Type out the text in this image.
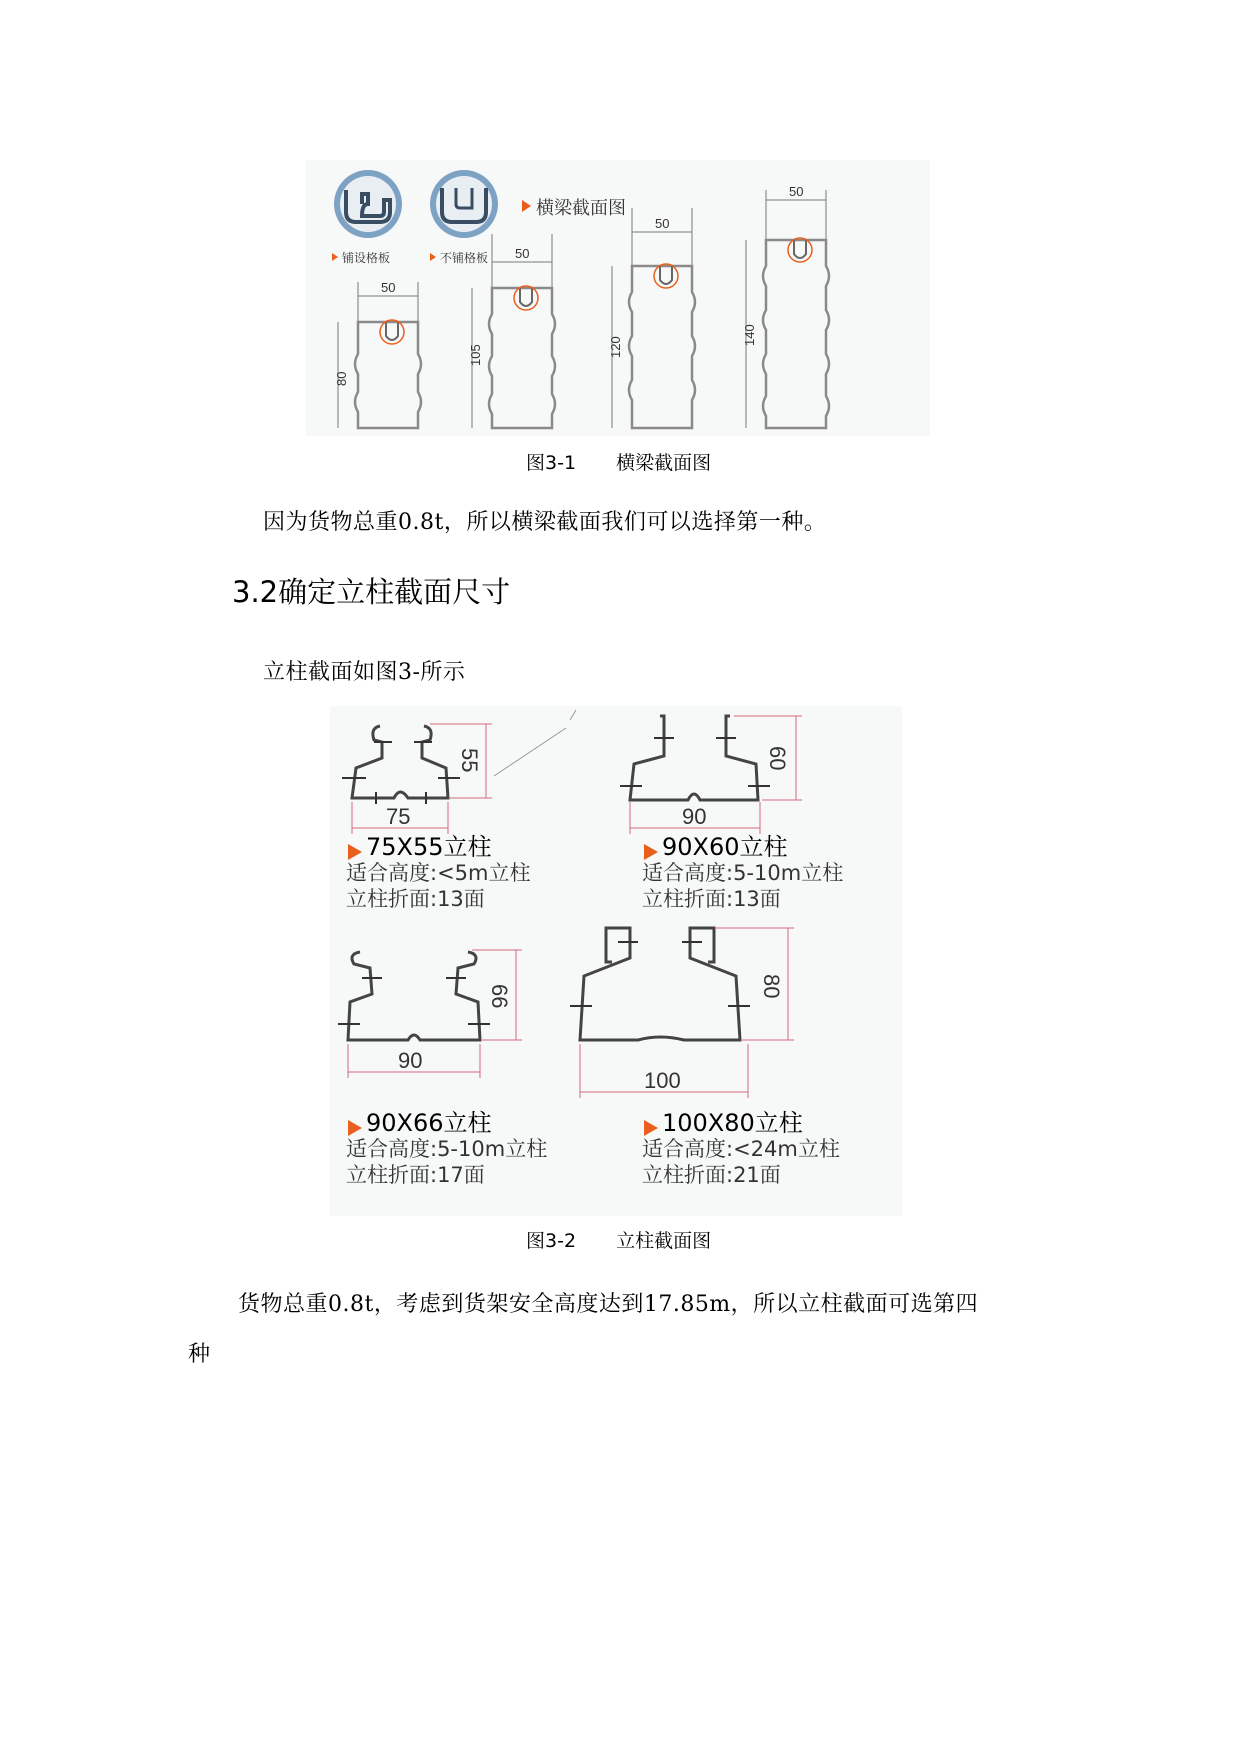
横梁截面图
铺设格板	不铺格板
50
80
50
105
50
120
50
140
图3-1 横梁截面图
因为货物总重0.8t，所以横梁截面我们可以选择第一种。
3.2确定立柱截面尺寸
立柱截面如图3-所示
75
55
90
60
90
66
100
80
75X55立柱
适合高度:<5m立柱
立柱折面:13面
90X60立柱
适合高度:5-10m立柱
立柱折面:13面
90X66立柱
适合高度:5-10m立柱
立柱折面:17面
100X80立柱
适合高度:<24m立柱
立柱折面:21面
图3-2 立柱截面图
货物总重0.8t，考虑到货架安全高度达到17.85m，所以立柱截面可选第四
种
